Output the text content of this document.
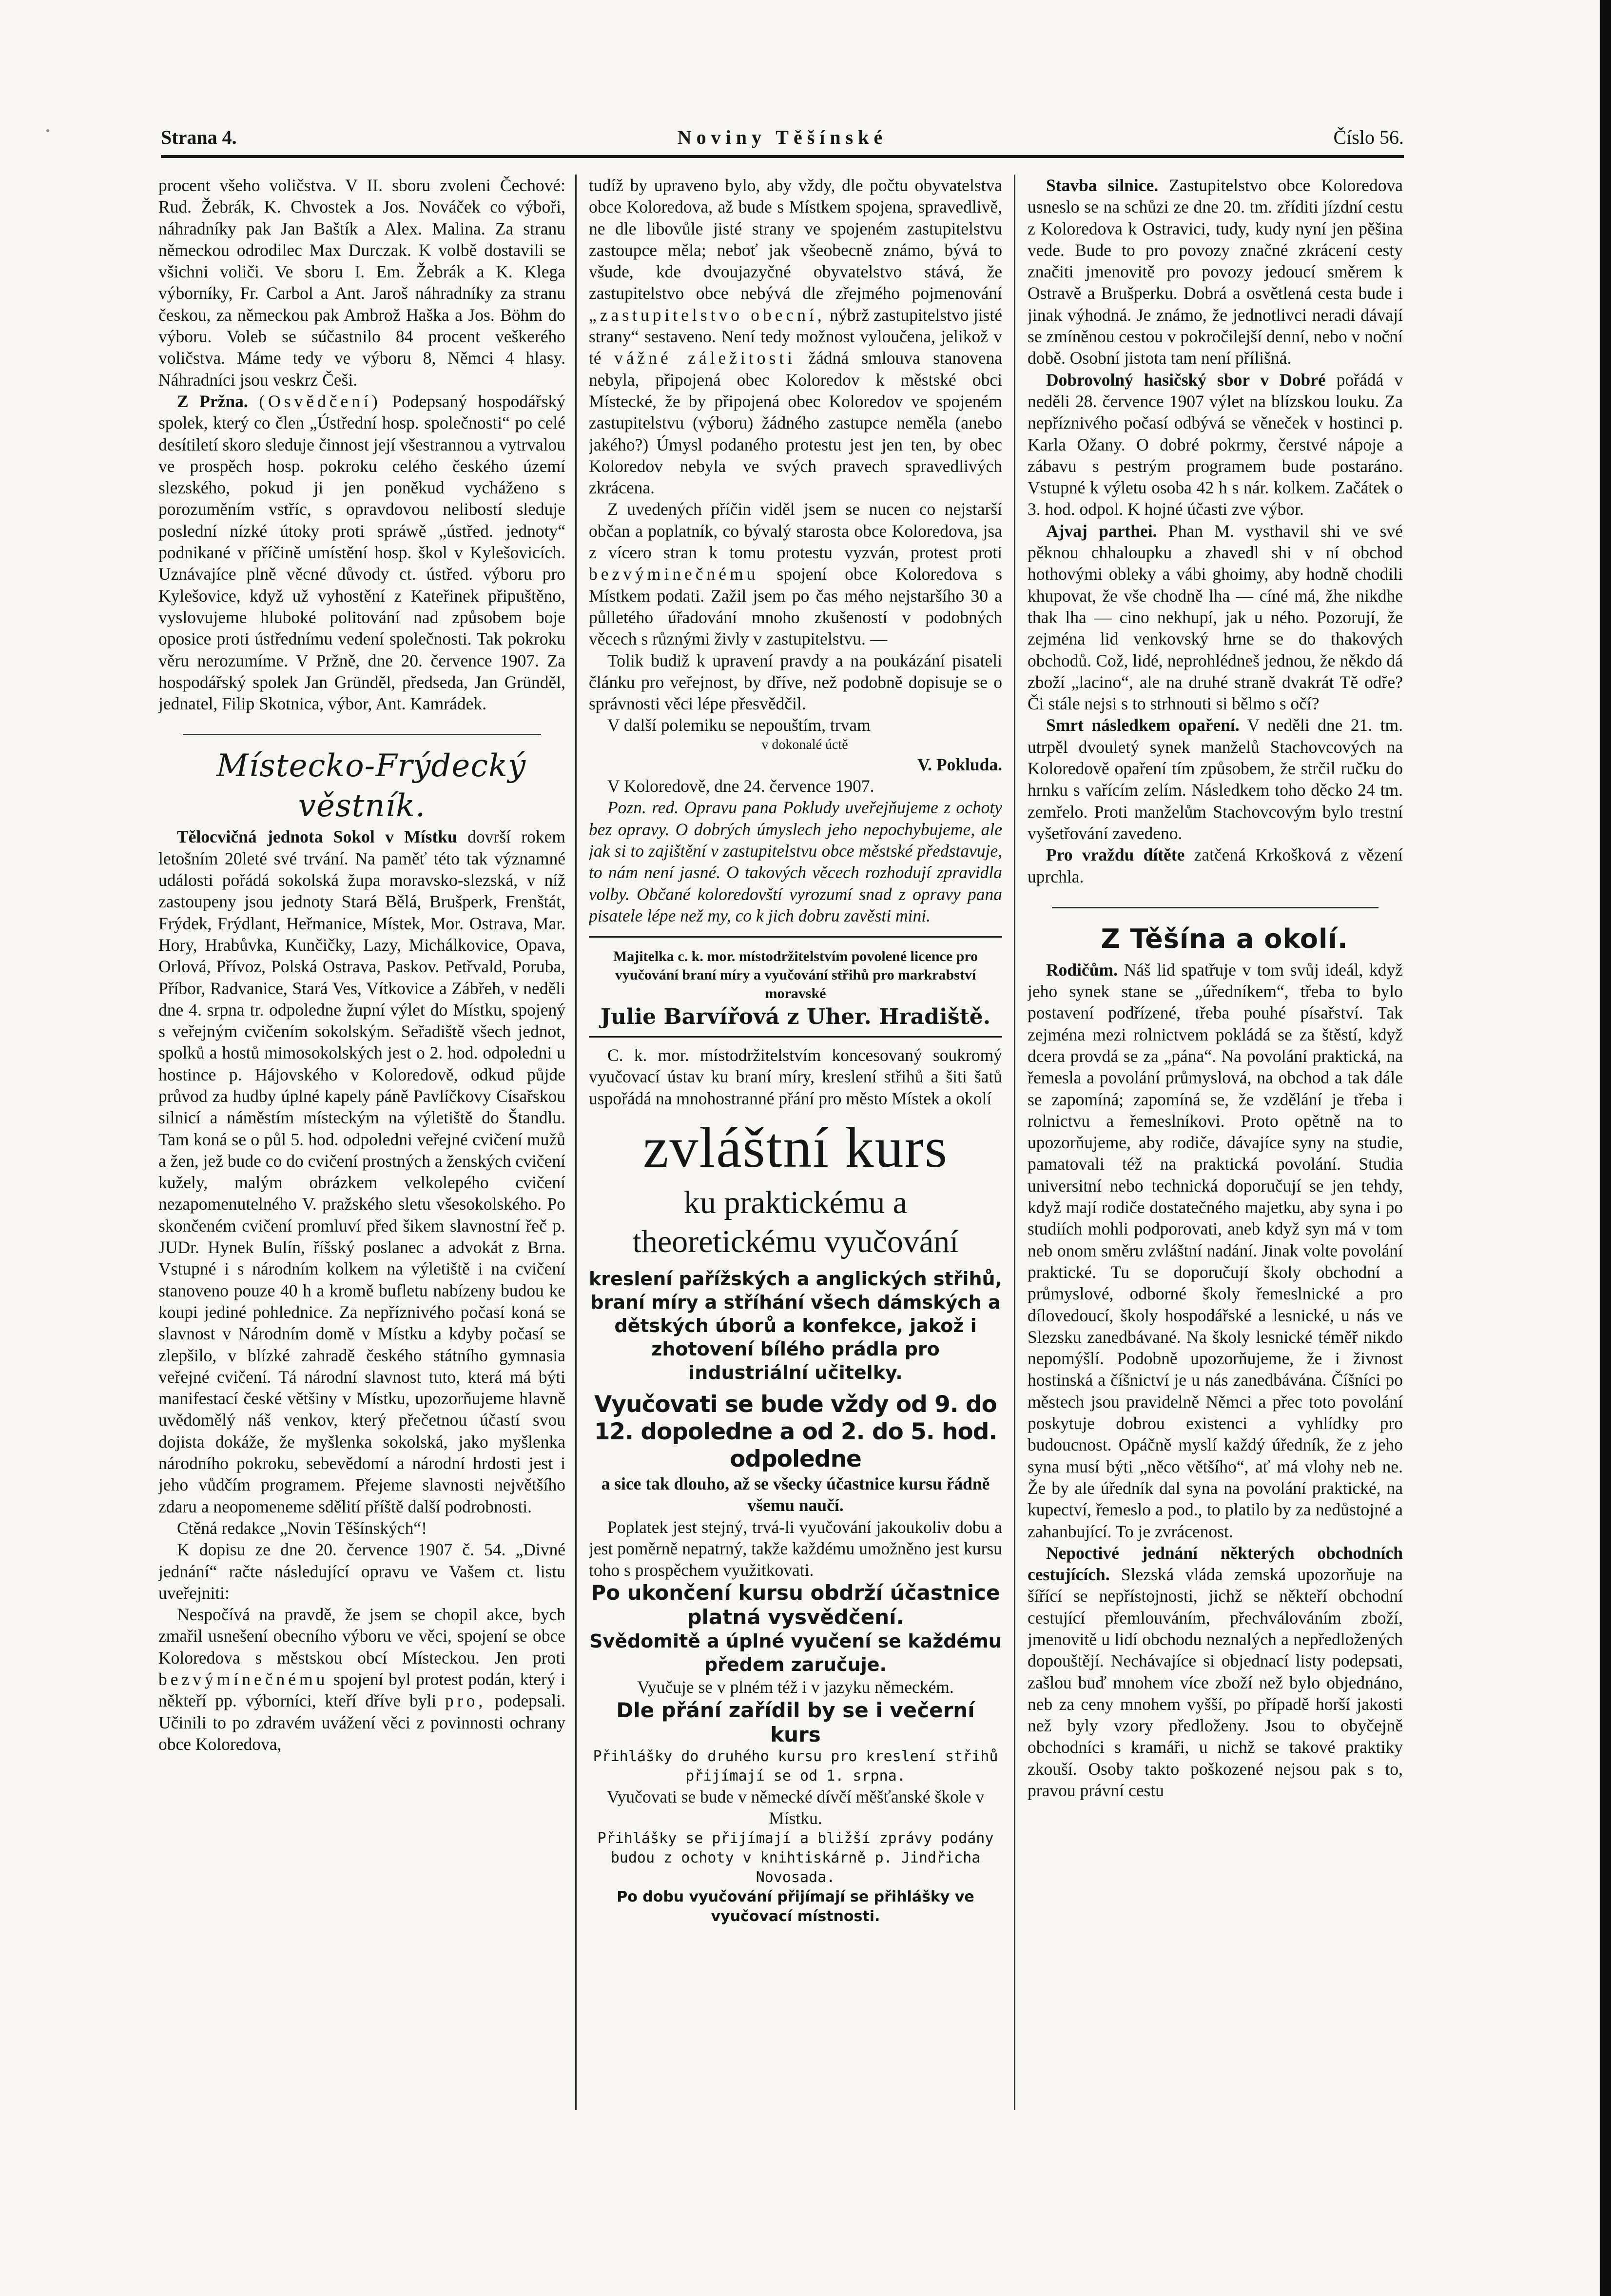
Strana 4.	Noviny Těšínské	Číslo 56.

procent všeho voličstva. V II. sboru zvoleni Čechové: Rud. Žebrák, K. Chvostek a Jos. Nováček co výboři, náhradníky pak Jan Baštík a Alex. Malina. Za stranu německou odrodilec Max Durczak. K volbě dostavili se všichni voliči. Ve sboru I. Em. Žebrák a K. Klega výborníky, Fr. Carbol a Ant. Jaroš náhradníky za stranu českou, za německou pak Ambrož Haška a Jos. Böhm do výboru. Voleb se súčastnilo 84 procent veškerého voličstva. Máme tedy ve výboru 8, Němci 4 hlasy. Náhradníci jsou veskrz Češi.

Z Pržna. (Osvědčení) Podepsaný hospodářský spolek, který co člen „Ústřední hosp. společnosti“ po celé desítiletí skoro sleduje činnost její všestrannou a vytrvalou ve prospěch hosp. pokroku celého českého území slezského, pokud ji jen poněkud vycháženo s porozuměním vstříc, s opravdovou nelibostí sleduje poslední nízké útoky proti spráwě „ústřed. jednoty“ podnikané v příčině umístění hosp. škol v Kylešovicích. Uznávajíce plně věcné důvody ct. ústřed. výboru pro Kylešovice, když už vyhostění z Kateřinek připuštěno, vyslovujeme hluboké politování nad způsobem boje oposice proti ústřednímu vedení společnosti. Tak pokroku věru nerozumíme. V Pržně, dne 20. července 1907. Za hospodářský spolek Jan Gründěl, předseda, Jan Gründěl, jednatel, Filip Skotnica, výbor, Ant. Kamrádek.

Místecko-Frýdecký věstník.

Tělocvičná jednota Sokol v Místku dovrší rokem letošním 20leté své trvání. Na paměť této tak významné události pořádá sokolská župa moravsko-slezská, v níž zastoupeny jsou jednoty Stará Bělá, Brušperk, Frenštát, Frýdek, Frýdlant, Heřmanice, Místek, Mor. Ostrava, Mar. Hory, Hrabůvka, Kunčičky, Lazy, Michálkovice, Opava, Orlová, Přívoz, Polská Ostrava, Paskov. Petřvald, Poruba, Příbor, Radvanice, Stará Ves, Vítkovice a Zábřeh, v neděli dne 4. srpna tr. odpoledne župní výlet do Místku, spojený s veřejným cvičením sokolským. Seřadiště všech jednot, spolků a hostů mimosokolských jest o 2. hod. odpoledni u hostince p. Hájovského v Koloredově, odkud půjde průvod za hudby úplné kapely páně Pavlíčkovy Císařskou silnicí a náměstím místeckým na výletiště do Štandlu. Tam koná se o půl 5. hod. odpoledni veřejné cvičení mužů a žen, jež bude co do cvičení prostných a ženských cvičení kužely, malým obrázkem velkolepého cvičení nezapomenutelného V. pražského sletu všesokolského. Po skončeném cvičení promluví před šikem slavnostní řeč p. JUDr. Hynek Bulín, říšský poslanec a advokát z Brna. Vstupné i s národním kolkem na výletiště i na cvičení stanoveno pouze 40 h a kromě bufletu nabízeny budou ke koupi jediné pohlednice. Za nepříznivého počasí koná se slavnost v Národním domě v Místku a kdyby počasí se zlepšilo, v blízké zahradě českého státního gymnasia veřejné cvičení. Tá národní slavnost tuto, která má býti manifestací české většiny v Místku, upozorňujeme hlavně uvědomělý náš venkov, který přečetnou účastí svou dojista dokáže, že myšlenka sokolská, jako myšlenka národního pokroku, sebevědomí a národní hrdosti jest i jeho vůdčím programem. Přejeme slavnosti největšího zdaru a neopomeneme sdělití příště další podrobnosti.

Ctěná redakce „Novin Těšínských“!

K dopisu ze dne 20. července 1907 č. 54. „Divné jednání“ račte následující opravu ve Vašem ct. listu uveřejniti:

Nespočívá na pravdě, že jsem se chopil akce, bych zmařil usnešení obecního výboru ve věci, spojení se obce Koloredova s městskou obcí Místeckou. Jen proti bezvýmínečnému spojení byl protest podán, který i někteří pp. výborníci, kteří dříve byli pro, podepsali. Učinili to po zdravém uvážení věci z povinnosti ochrany obce Koloredova,

tudíž by upraveno bylo, aby vždy, dle počtu obyvatelstva obce Koloredova, až bude s Místkem spojena, spravedlivě, ne dle libovůle jisté strany ve spojeném zastupitelstvu zastoupce měla; neboť jak všeobecně známo, bývá to všude, kde dvoujazyčné obyvatelstvo stává, že zastupitelstvo obce nebývá dle zřejmého pojmenování „zastupitelstvo obecní, nýbrž zastupitelstvo jisté strany“ sestaveno. Není tedy možnost vyloučena, jelikož v té vážné záležitosti žádná smlouva stanovena nebyla, připojená obec Koloredov k městské obci Místecké, že by připojená obec Koloredov ve spojeném zastupitelstvu (výboru) žádného zastupce neměla (anebo jakého?) Úmysl podaného protestu jest jen ten, by obec Koloredov nebyla ve svých pravech spravedlivých zkrácena.

Z uvedených příčin viděl jsem se nucen co nejstarší občan a poplatník, co bývalý starosta obce Koloredova, jsa z vícero stran k tomu protestu vyzván, protest proti bezvýminečnému spojení obce Koloredova s Místkem podati. Zažil jsem po čas mého nejstaršího 30 a půlletého úřadování mnoho zkušeností v podobných věcech s různými živly v zastupitelstvu. —

Tolik budiž k upravení pravdy a na poukázání pisateli článku pro veřejnost, by dříve, než podobně dopisuje se o správnosti věci lépe přesvědčil.

V další polemiku se nepouštím, trvam

v dokonalé úctě

V. Pokluda.

V Koloredově, dne 24. července 1907.

Pozn. red. Opravu pana Pokludy uveřejňujeme z ochoty bez opravy. O dobrých úmyslech jeho nepochybujeme, ale jak si to zajištění v zastupitelstvu obce městské představuje, to nám není jasné. O takových věcech rozhodují zpravidla volby. Občané koloredovští vyrozumí snad z opravy pana pisatele lépe než my, co k jich dobru zavěsti mini.

Majitelka c. k. mor. místodržitelstvím povolené licence pro vyučování braní míry a vyučování střihů pro markrabství moravské

Julie Barvířová z Uher. Hradiště.

C. k. mor. místodržitelstvím koncesovaný soukromý vyučovací ústav ku braní míry, kreslení střihů a šiti šatů uspořádá na mnohostranné přání pro město Místek a okolí

zvláštní kurs

ku praktickému a theoretickému vyučování

kreslení pařížských a anglických střihů, braní míry a stříhání všech dámských a dětských úborů a konfekce, jakož i zhotovení bílého prádla pro industriální učitelky.

Vyučovati se bude vždy od 9. do 12. dopoledne a od 2. do 5. hod. odpoledne

a sice tak dlouho, až se všecky účastnice kursu řádně všemu naučí.

Poplatek jest stejný, trvá-li vyučování jakoukoliv dobu a jest poměrně nepatrný, takže každému umožněno jest kursu toho s prospěchem využitkovati.

Po ukončení kursu obdrží účastnice platná vysvědčení.

Svědomitě a úplné vyučení se každému předem zaručuje.

Vyučuje se v plném též i v jazyku německém.

Dle přání zařídil by se i večerní kurs

Přihlášky do druhého kursu pro kreslení střihů přijímají se od 1. srpna.

Vyučovati se bude v německé dívčí měšťanské škole v Místku.

Přihlášky se přijímají a bližší zprávy podány budou z ochoty v knihtiskárně p. Jindřicha Novosada.

Po dobu vyučování přijímají se přihlášky ve vyučovací místnosti.

Stavba silnice. Zastupitelstvo obce Koloredova usneslo se na schůzi ze dne 20. tm. zříditi jízdní cestu z Koloredova k Ostravici, tudy, kudy nyní jen pěšina vede. Bude to pro povozy značné zkrácení cesty značiti jmenovitě pro povozy jedoucí směrem k Ostravě a Brušperku. Dobrá a osvětlená cesta bude i jinak výhodná. Je známo, že jednotlivci neradi dávají se zmíněnou cestou v pokročilejší denní, nebo v noční době. Osobní jistota tam není přílišná.

Dobrovolný hasičský sbor v Dobré pořádá v neděli 28. července 1907 výlet na blízskou louku. Za nepříznivého počasí odbývá se věneček v hostinci p. Karla Ožany. O dobré pokrmy, čerstvé nápoje a zábavu s pestrým programem bude postaráno. Vstupné k výletu osoba 42 h s nár. kolkem. Začátek o 3. hod. odpol. K hojné účasti zve výbor.

Ajvaj parthei. Phan M. vysthavil shi ve své pěknou chhaloupku a zhavedl shi v ní obchod hothovými obleky a vábi ghoimy, aby hodně chodili khupovat, že vše chodně lha — cíné má, žhe nikdhe thak lha — cino nekhupí, jak u ného. Pozorují, že zejména lid venkovský hrne se do thakových obchodů. Což, lidé, neprohlédneš jednou, že někdo dá zboží „lacino“, ale na druhé straně dvakrát Tě odře? Či stále nejsi s to strhnouti si bělmo s očí?

Smrt následkem opaření. V neděli dne 21. tm. utrpěl dvouletý synek manželů Stachovcových na Koloredově opaření tím způsobem, že strčil ručku do hrnku s vařícím zelím. Následkem toho děcko 24 tm. zemřelo. Proti manželům Stachovcovým bylo trestní vyšetřování zavedeno.

Pro vraždu dítěte zatčená Krkošková z vězení uprchla.

Z Těšína a okolí.

Rodičům. Náš lid spatřuje v tom svůj ideál, když jeho synek stane se „úředníkem“, třeba to bylo postavení podřízené, třeba pouhé písařství. Tak zejména mezi rolnictvem pokládá se za štěstí, když dcera provdá se za „pána“. Na povolání praktická, na řemesla a povolání průmyslová, na obchod a tak dále se zapomíná; zapomíná se, že vzdělání je třeba i rolnictvu a řemeslníkovi. Proto opětně na to upozorňujeme, aby rodiče, dávajíce syny na studie, pamatovali též na praktická povolání. Studia universitní nebo technická doporučují se jen tehdy, když mají rodiče dostatečného majetku, aby syna i po studiích mohli podporovati, aneb když syn má v tom neb onom směru zvláštní nadání. Jinak volte povolání praktické. Tu se doporučují školy obchodní a průmyslové, odborné školy řemeslnické a pro dílovedoucí, školy hospodářské a lesnické, u nás ve Slezsku zanedbávané. Na školy lesnické téměř nikdo nepomýšlí. Podobně upozorňujeme, že i živnost hostinská a číšnictví je u nás zanedbávána. Číšníci po městech jsou pravidelně Němci a přec toto povolání poskytuje dobrou existenci a vyhlídky pro budoucnost. Opáčně myslí každý úředník, že z jeho syna musí býti „něco většího“, ať má vlohy neb ne. Že by ale úředník dal syna na povolání praktické, na kupectví, řemeslo a pod., to platilo by za nedůstojné a zahanbující. To je zvrácenost.

Nepoctivé jednání některých obchodních cestujících. Slezská vláda zemská upozorňuje na šířící se nepřístojnosti, jichž se někteří obchodní cestující přemlouváním, přechválováním zboží, jmenovitě u lidí obchodu neznalých a nepředložených dopouštějí. Nechávajíce si objednací listy podepsati, zašlou buď mnohem více zboží než bylo objednáno, neb za ceny mnohem vyšší, po případě horší jakosti než byly vzory předloženy. Jsou to obyčejně obchodníci s kramáři, u nichž se takové praktiky zkouší. Osoby takto poškozené nejsou pak s to, pravou právní cestu
